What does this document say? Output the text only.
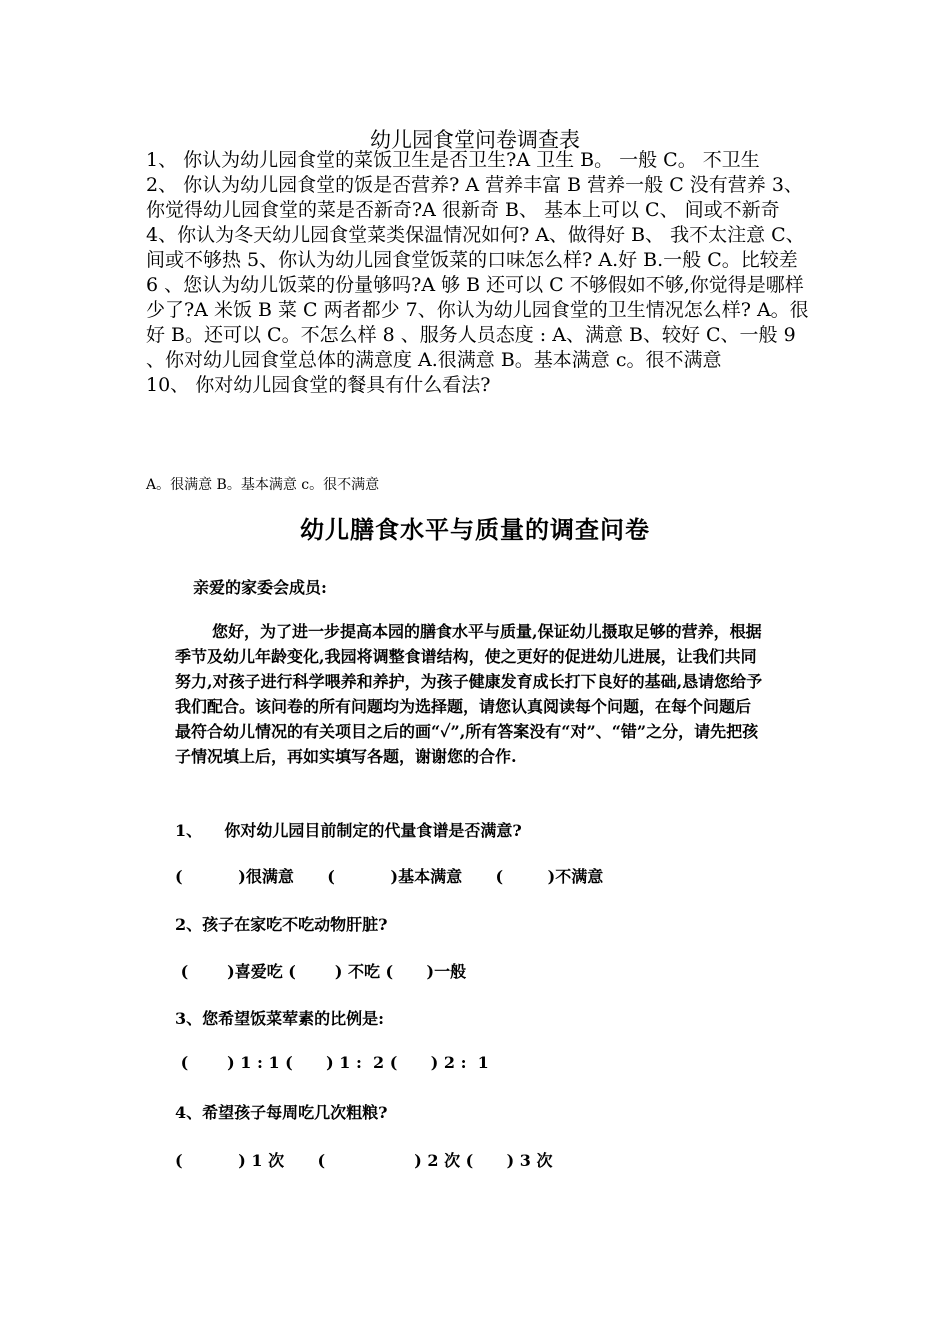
幼儿园食堂问卷调查表

1、 你认为幼儿园食堂的菜饭卫生是否卫生?A 卫生 B。 一般 C。 不卫生

2、 你认为幼儿园食堂的饭是否营养? A 营养丰富 B 营养一般 C 没有营养 3、 你觉得幼儿园食堂的菜是否新奇?A 很新奇 B、 基本上可以 C、 间或不新奇 4、你认为冬天幼儿园食堂菜类保温情况如何? A、做得好 B、 我不太注意 C、 间或不够热 5、你认为幼儿园食堂饭菜的口味怎么样? A.好 B.一般 C。比较差 6 、您认为幼儿饭菜的份量够吗?A 够 B 还可以 C 不够假如不够,你觉得是哪样少了?A 米饭 B 菜 C 两者都少 7、你认为幼儿园食堂的卫生情况怎么样? A。很好 B。还可以 C。不怎么样 8 、服务人员态度 : A、满意 B、较好 C、一般 9 、你对幼儿园食堂总体的满意度 A.很满意 B。基本满意 c。很不满意

10、 你对幼儿园食堂的餐具有什么看法?

A。很满意 B。基本满意 c。很不满意
幼儿膳食水平与质量的调查问卷
亲爱的家委会成员:
您好，为了进一步提高本园的膳食水平与质量,保证幼儿摄取足够的营养，根据季节及幼儿年龄变化,我园将调整食谱结构，使之更好的促进幼儿进展，让我们共同努力,对孩子进行科学喂养和养护，为孩子健康发育成长打下良好的基础,恳请您给予我们配合。该问卷的所有问题均为选择题，请您认真阅读每个问题，在每个问题后最符合幼儿情况的有关项目之后的画“✓”,所有答案没有“对”、“错”之分，请先把孩子情况填上后，再如实填写各题，谢谢您的合作.
1、    你对幼儿园目前制定的代量食谱是否满意?
(          )很满意      (          )基本满意      (        )不满意
2、孩子在家吃不吃动物肝脏?
(       )喜爱吃 (       ) 不吃 (      )一般
3、您希望饭菜荤素的比例是:
(       ) 1 : 1 (      ) 1 :  2 (      ) 2 :  1
4、希望孩子每周吃几次粗粮?
(          ) 1 次      (                ) 2 次 (      ) 3 次
